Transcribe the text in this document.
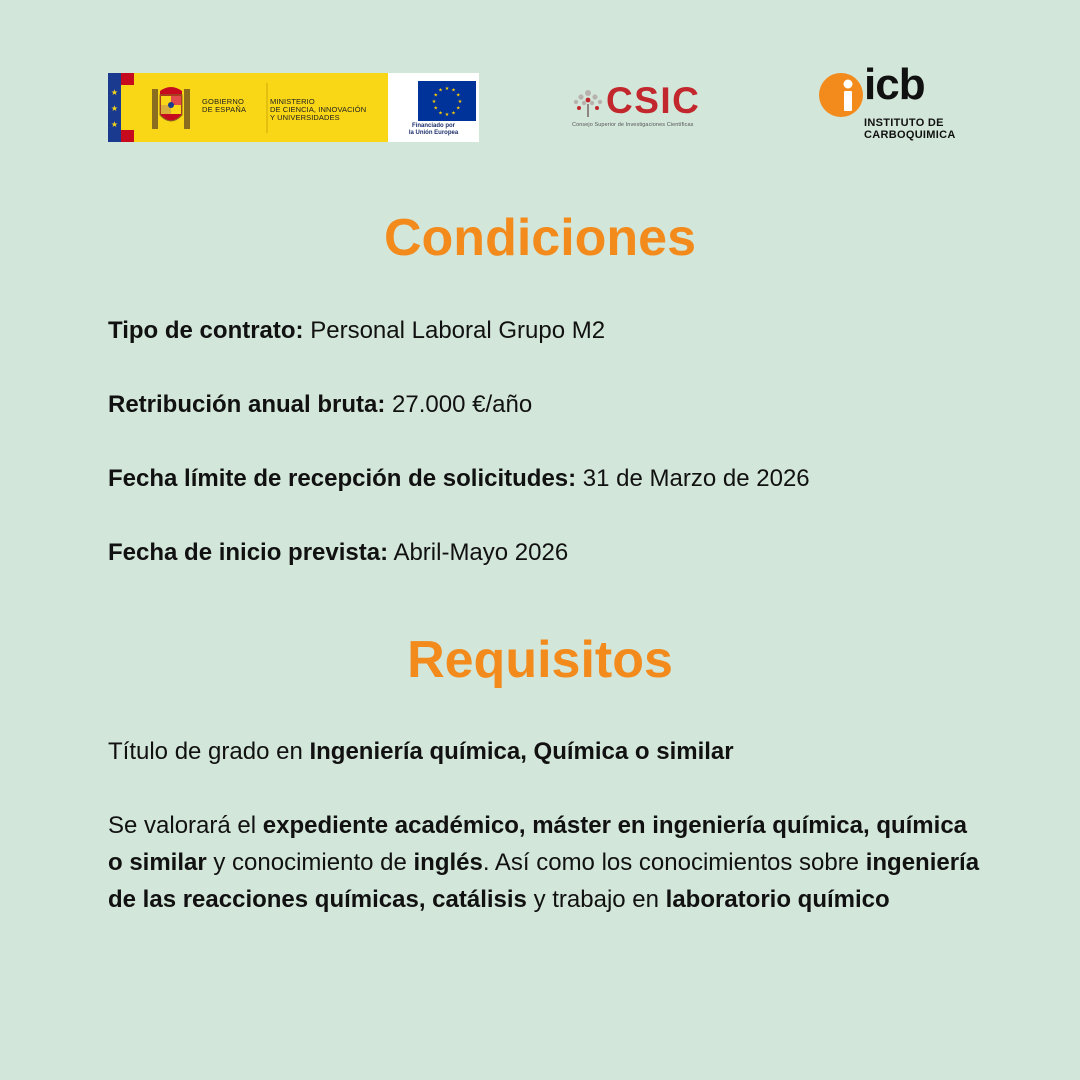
★
★
★
GOBIERNO
DE ESPAÑA
MINISTERIO
DE CIENCIA, INNOVACIÓN
Y UNIVERSIDADES
★ ★
★
★
★
★
★
★
★
★
★
★
Financiado por
la Unión Europea
CSIC
Consejo Superior de Investigaciones Científicas
icb
INSTITUTO DE
CARBOQUIMICA
Condiciones

Tipo de contrato: Personal Laboral Grupo M2

Retribución anual bruta: 27.000 €/año

Fecha límite de recepción de solicitudes: 31 de Marzo de 2026

Fecha de inicio prevista: Abril-Mayo 2026

Requisitos

Título de grado en Ingeniería química, Química o similar

Se valorará el expediente académico, máster en ingeniería química, química o similar y conocimiento de inglés. Así como los conocimientos sobre ingeniería de las reacciones químicas, catálisis y trabajo en laboratorio químico
